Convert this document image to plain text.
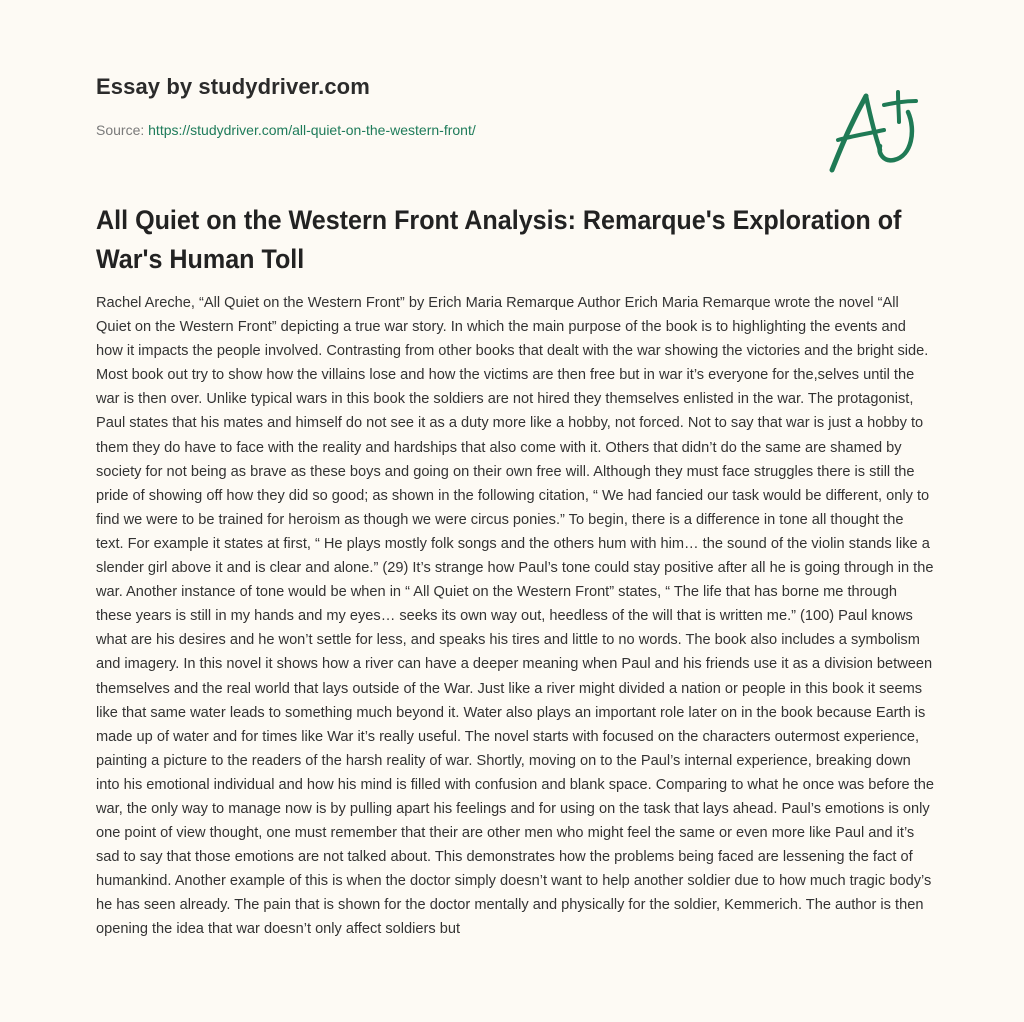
Essay by studydriver.com
Source: https://studydriver.com/all-quiet-on-the-western-front/
All Quiet on the Western Front Analysis: Remarque's Exploration of War's Human Toll

Rachel Areche, “All Quiet on the Western Front” by Erich Maria Remarque Author Erich Maria Remarque wrote the novel “All Quiet on the Western Front” depicting a true war story. In which the main purpose of the book is to highlighting the events and how it impacts the people involved. Contrasting from other books that dealt with the war showing the victories and the bright side. Most book out try to show how the villains lose and how the victims are then free but in war it’s everyone for the,selves until the war is then over. Unlike typical wars in this book the soldiers are not hired they themselves enlisted in the war. The protagonist, Paul states that his mates and himself do not see it as a duty more like a hobby, not forced. Not to say that war is just a hobby to them they do have to face with the reality and hardships that also come with it. Others that didn’t do the same are shamed by society for not being as brave as these boys and going on their own free will. Although they must face struggles there is still the pride of showing off how they did so good; as shown in the following citation, “ We had fancied our task would be different, only to find we were to be trained for heroism as though we were circus ponies.” To begin, there is a difference in tone all thought the text. For example it states at first, “ He plays mostly folk songs and the others hum with him… the sound of the violin stands like a slender girl above it and is clear and alone.” (29) It’s strange how Paul’s tone could stay positive after all he is going through in the war. Another instance of tone would be when in “ All Quiet on the Western Front” states, “ The life that has borne me through these years is still in my hands and my eyes… seeks its own way out, heedless of the will that is written me.” (100) Paul knows what are his desires and he won’t settle for less, and speaks his tires and little to no words. The book also includes a symbolism and imagery. In this novel it shows how a river can have a deeper meaning when Paul and his friends use it as a division between themselves and the real world that lays outside of the War. Just like a river might divided a nation or people in this book it seems like that same water leads to something much beyond it. Water also plays an important role later on in the book because Earth is made up of water and for times like War it’s really useful. The novel starts with focused on the characters outermost experience, painting a picture to the readers of the harsh reality of war. Shortly, moving on to the Paul’s internal experience, breaking down into his emotional individual and how his mind is filled with confusion and blank space. Comparing to what he once was before the war, the only way to manage now is by pulling apart his feelings and for using on the task that lays ahead. Paul’s emotions is only one point of view thought, one must remember that their are other men who might feel the same or even more like Paul and it’s sad to say that those emotions are not talked about. This demonstrates how the problems being faced are lessening the fact of humankind. Another example of this is when the doctor simply doesn’t want to help another soldier due to how much tragic body’s he has seen already. The pain that is shown for the doctor mentally and physically for the soldier, Kemmerich. The author is then opening the idea that war doesn’t only affect soldiers but
